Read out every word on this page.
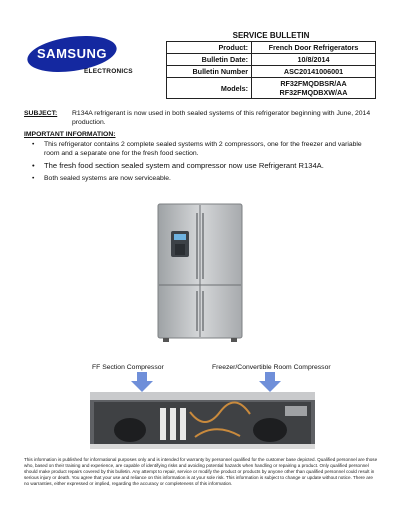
SAMSUNG
ELECTRONICS
SERVICE BULLETIN
Product:	French Door Refrigerators
Bulletin Date:	10/8/2014
Bulletin Number	ASC20141006001
Models:	RF32FMQDBSR/AA
RF32FMQDBXW/AA
SUBJECT: R134A refrigerant is now used in both sealed systems of this refrigerator beginning with June, 2014 production.
IMPORTANT INFORMATION:
• This refrigerator contains 2 complete sealed systems with 2 compressors, one for the freezer and variable room and a separate one for the fresh food section.
• The fresh food section sealed system and compressor now use Refrigerant R134A.
• Both sealed systems are now serviceable.
FF Section Compressor	Freezer/Convertible Room Compressor
This information is published for informational purposes only and is intended for warranty by personnel qualified for the customer base depicted. Qualified personnel are those who, based on their training and experience, are capable of identifying risks and avoiding potential hazards when handling or repairing a product. Only qualified personnel should make product repairs covered by this bulletin. Any attempt to repair, service or modify the product or products by anyone other than qualified personnel could result in serious injury or death. You agree that your use and reliance on this information is at your sole risk. This information is subject to change or update without notice. There are no warranties, either expressed or implied, regarding the accuracy or completeness of this information.
